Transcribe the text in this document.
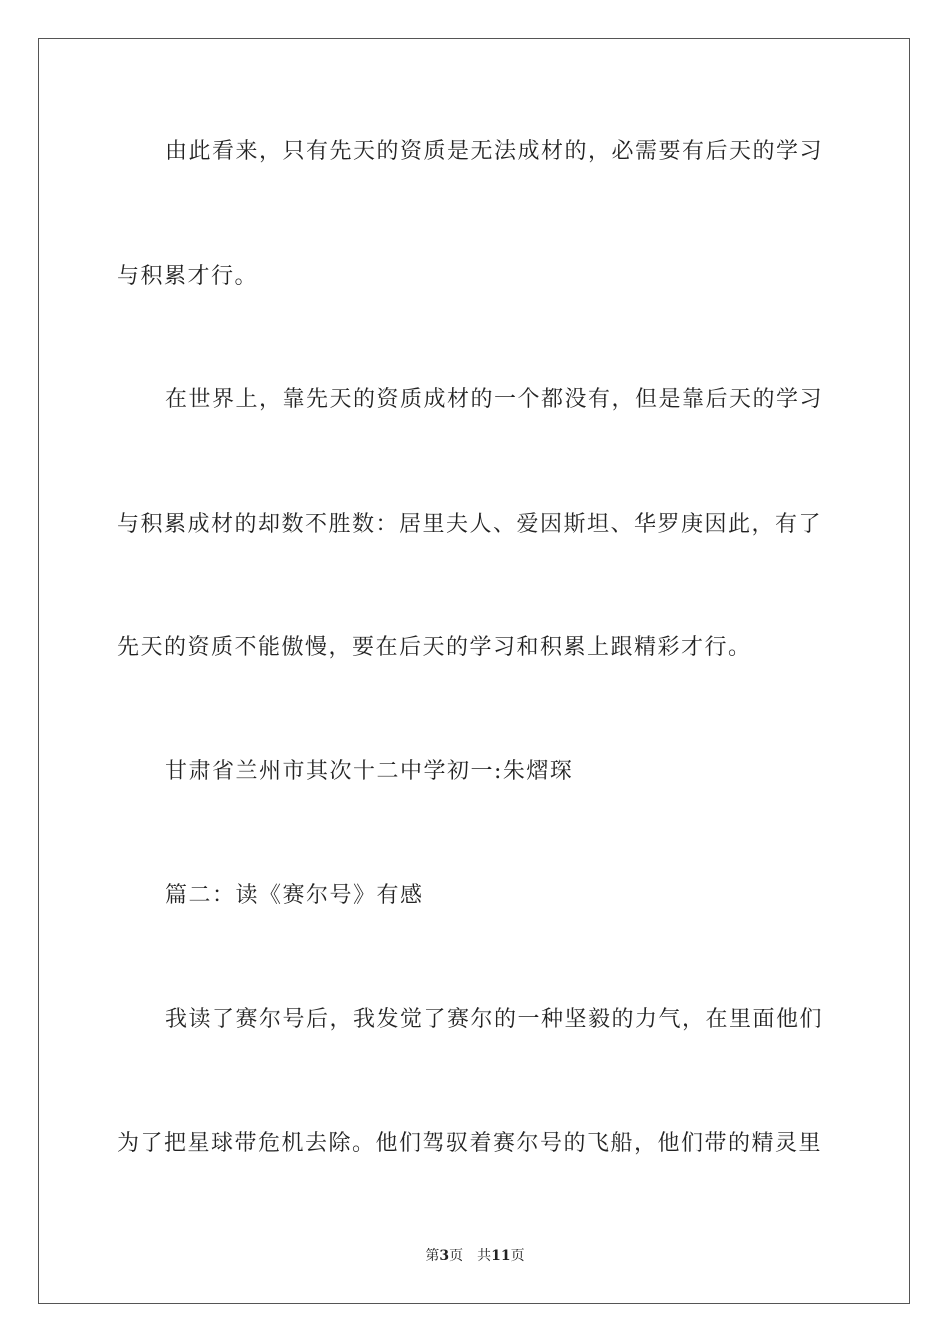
由此看来，只有先天的资质是无法成材的，必需要有后天的学习
与积累才行。
在世界上，靠先天的资质成材的一个都没有，但是靠后天的学习
与积累成材的却数不胜数：居里夫人、爱因斯坦、华罗庚因此，有了
先天的资质不能傲慢，要在后天的学习和积累上跟精彩才行。
甘肃省兰州市其次十二中学初一:朱熠琛
篇二：读《赛尔号》有感
我读了赛尔号后，我发觉了赛尔的一种坚毅的力气，在里面他们
为了把星球带危机去除。他们驾驭着赛尔号的飞船，他们带的精灵里
第3页 共11页
